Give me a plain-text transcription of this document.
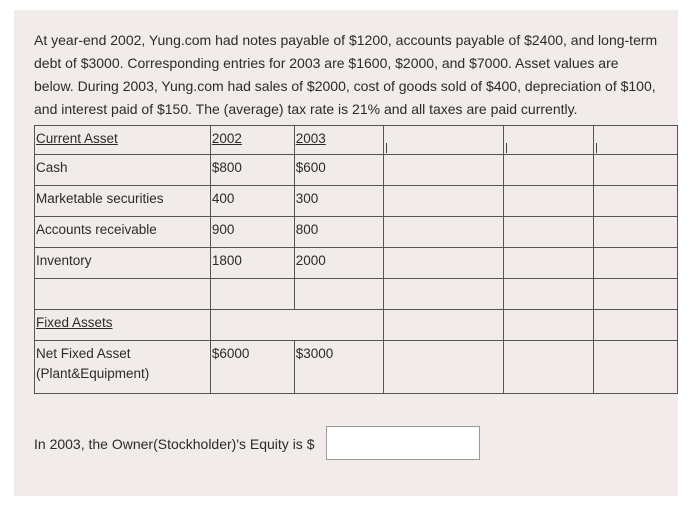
At year-end 2002, Yung.com had notes payable of $1200, accounts payable of $2400, and long-term debt of $3000. Corresponding entries for 2003 are $1600, $2000, and $7000. Asset values are below. During 2003, Yung.com had sales of $2000, cost of goods sold of $400, depreciation of $100, and interest paid of $150. The (average) tax rate is 21% and all taxes are paid currently.

Current Asset	2002	2003			

Cash	$800	$600			

Marketable securities	400	300			

Accounts receivable	900	800			

Inventory	1800	2000			

Fixed Assets					

Net Fixed Asset (Plant&Equipment)	$6000	$3000			

In 2003, the Owner(Stockholder)'s Equity is $
